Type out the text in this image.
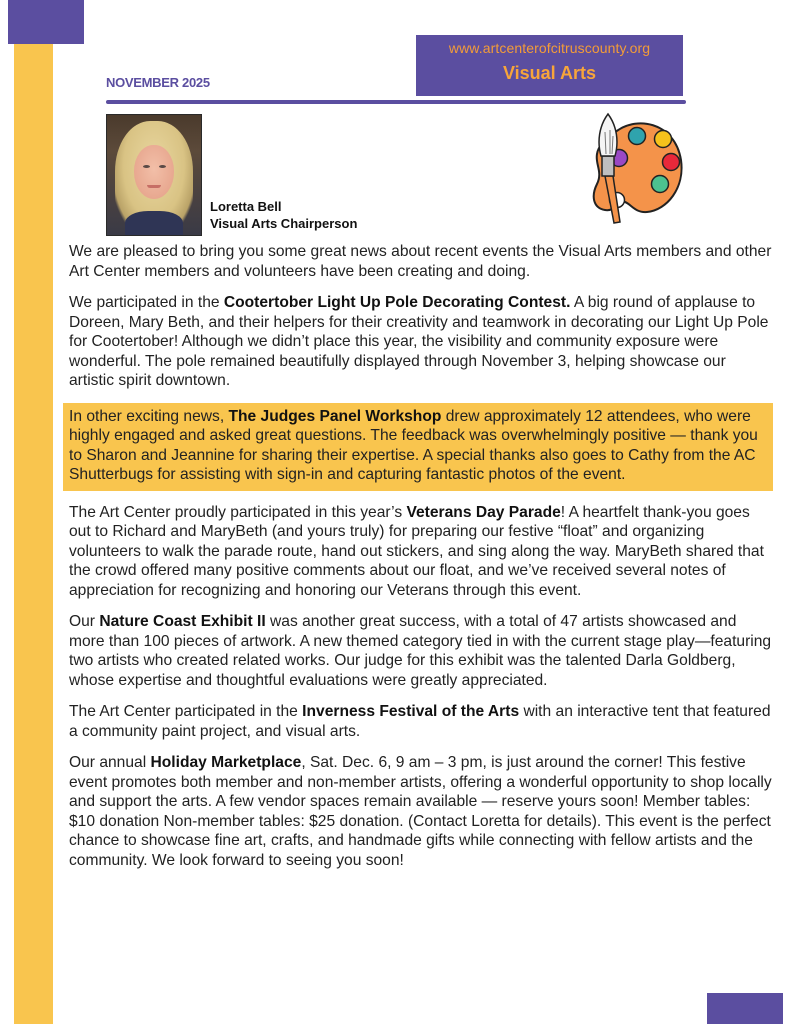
www.artcenterofcitruscounty.org
Visual Arts
NOVEMBER 2025
Loretta Bell
Visual Arts Chairperson

We are pleased to bring you some great news about recent events the Visual Arts members and other Art Center members and volunteers have been creating and doing.

We participated in the Cootertober Light Up Pole Decorating Contest. A big round of applause to Doreen, Mary Beth, and their helpers for their creativity and teamwork in decorating our Light Up Pole for Cootertober! Although we didn’t place this year, the visibility and community exposure were wonderful. The pole remained beautifully displayed through November 3, helping showcase our artistic spirit downtown.

In other exciting news, The Judges Panel Workshop drew approximately 12 attendees, who were highly engaged and asked great questions. The feedback was overwhelmingly positive — thank you to Sharon and Jeannine for sharing their expertise. A special thanks also goes to Cathy from the AC Shutterbugs for assisting with sign-in and capturing fantastic photos of the event.

The Art Center proudly participated in this year’s Veterans Day Parade! A heartfelt thank-you goes out to Richard and MaryBeth (and yours truly) for preparing our festive “float” and organizing volunteers to walk the parade route, hand out stickers, and sing along the way. MaryBeth shared that the crowd offered many positive comments about our float, and we’ve received several notes of appreciation for recognizing and honoring our Veterans through this event.

Our Nature Coast Exhibit II was another great success, with a total of 47 artists showcased and more than 100 pieces of artwork. A new themed category tied in with the current stage play—featuring two artists who created related works. Our judge for this exhibit was the talented Darla Goldberg, whose expertise and thoughtful evaluations were greatly appreciated.

The Art Center participated in the Inverness Festival of the Arts with an interactive tent that featured a community paint project, and visual arts.

Our annual Holiday Marketplace, Sat. Dec. 6, 9 am – 3 pm, is just around the corner! This festive event promotes both member and non-member artists, offering a wonderful opportunity to shop locally and support the arts. A few vendor spaces remain available — reserve yours soon! Member tables: $10 donation Non-member tables: $25 donation. (Contact Loretta for details). This event is the perfect chance to showcase fine art, crafts, and handmade gifts while connecting with fellow artists and the community. We look forward to seeing you soon!
